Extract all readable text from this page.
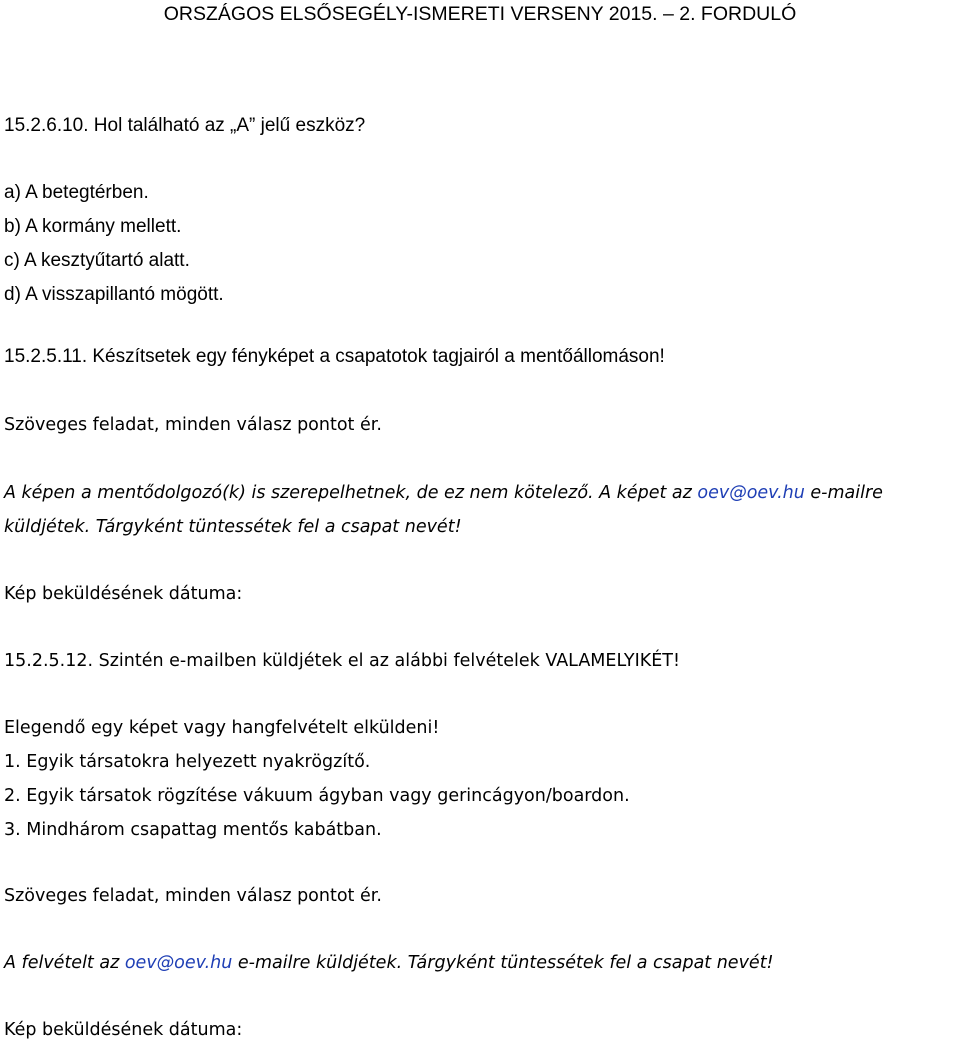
ORSZÁGOS ELSŐSEGÉLY-ISMERETI VERSENY 2015. – 2. FORDULÓ
15.2.6.10. Hol található az „A” jelű eszköz?
a) A betegtérben.
b) A kormány mellett.
c) A kesztyűtartó alatt.
d) A visszapillantó mögött.
15.2.5.11. Készítsetek egy fényképet a csapatotok tagjairól a mentőállomáson!
Szöveges feladat, minden válasz pontot ér.
A képen a mentődolgozó(k) is szerepelhetnek, de ez nem kötelező. A képet az oev@oev.hu e-mailre
küldjétek. Tárgyként tüntessétek fel a csapat nevét!
Kép beküldésének dátuma:
15.2.5.12. Szintén e-mailben küldjétek el az alábbi felvételek VALAMELYIKÉT!
Elegendő egy képet vagy hangfelvételt elküldeni!
1. Egyik társatokra helyezett nyakrögzítő.
2. Egyik társatok rögzítése vákuum ágyban vagy gerincágyon/boardon.
3. Mindhárom csapattag mentős kabátban.
Szöveges feladat, minden válasz pontot ér.
A felvételt az oev@oev.hu e-mailre küldjétek. Tárgyként tüntessétek fel a csapat nevét!
Kép beküldésének dátuma:
